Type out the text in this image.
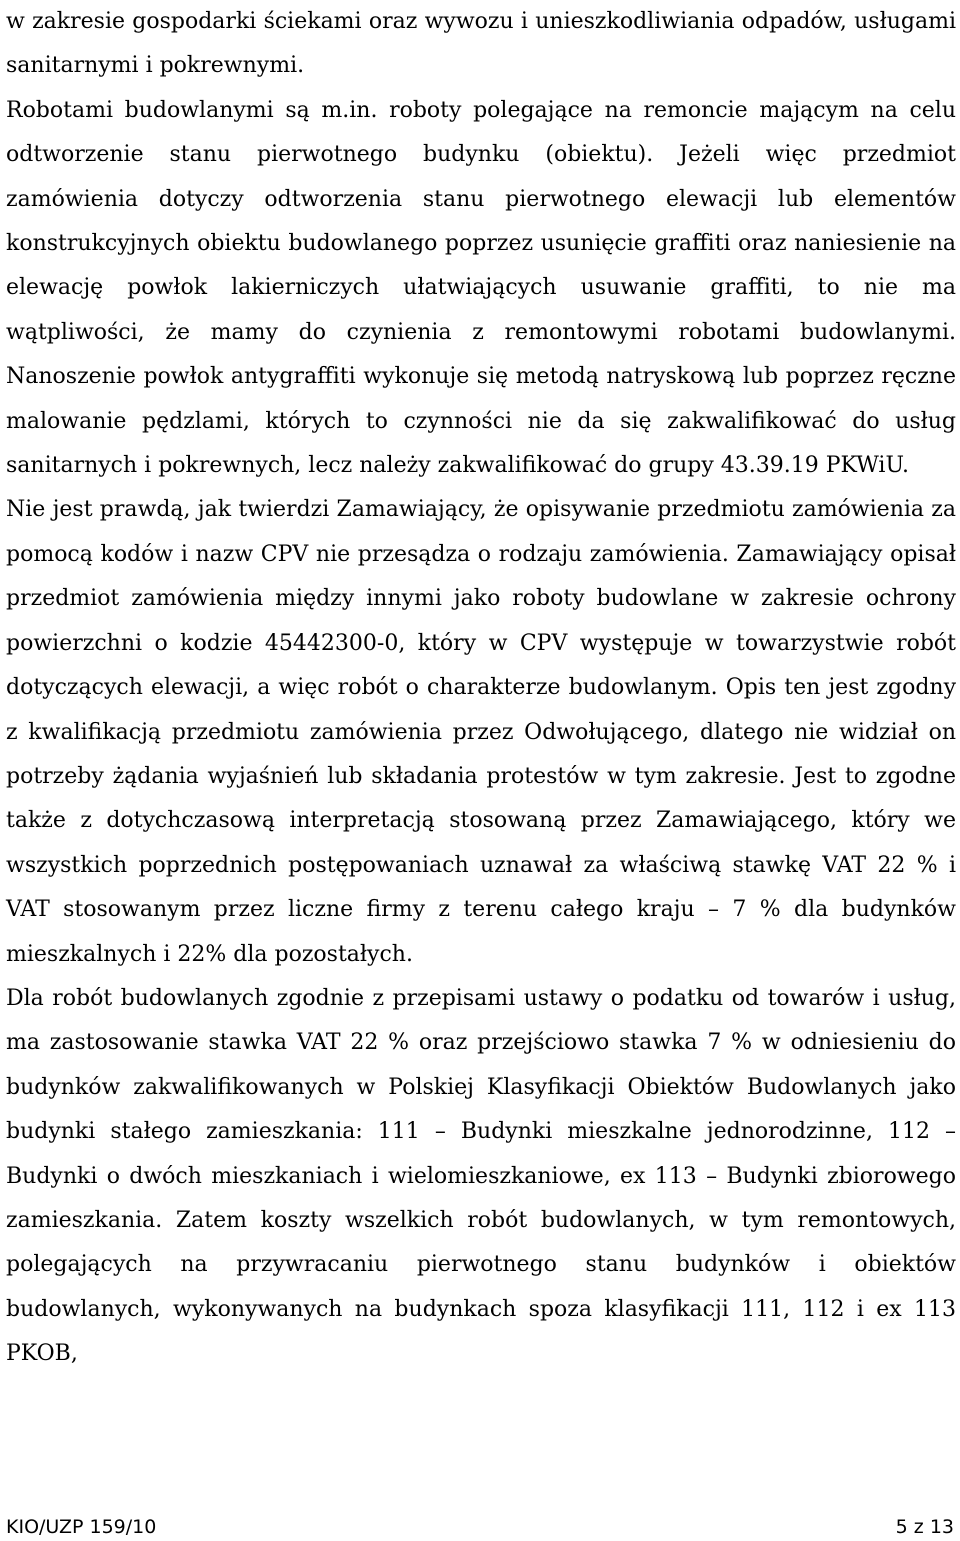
w zakresie gospodarki ściekami oraz wywozu i unieszkodliwiania odpadów, usługami sanitarnymi i pokrewnymi.

Robotami budowlanymi są m.in. roboty polegające na remoncie mającym na celu odtworzenie stanu pierwotnego budynku (obiektu). Jeżeli więc przedmiot zamówienia dotyczy odtworzenia stanu pierwotnego elewacji lub elementów konstrukcyjnych obiektu budowlanego poprzez usunięcie graffiti oraz naniesienie na elewację powłok lakierniczych ułatwiających usuwanie graffiti, to nie ma wątpliwości, że mamy do czynienia z remontowymi robotami budowlanymi. Nanoszenie powłok antygraffiti wykonuje się metodą natryskową lub poprzez ręczne malowanie pędzlami, których to czynności nie da się zakwalifikować do usług sanitarnych i pokrewnych, lecz należy zakwalifikować do grupy 43.39.19 PKWiU.

Nie jest prawdą, jak twierdzi Zamawiający, że opisywanie przedmiotu zamówienia za pomocą kodów i nazw CPV nie przesądza o rodzaju zamówienia. Zamawiający opisał przedmiot zamówienia między innymi jako roboty budowlane w zakresie ochrony powierzchni o kodzie 45442300-0, który w CPV występuje w towarzystwie robót dotyczących elewacji, a więc robót o charakterze budowlanym. Opis ten jest zgodny z kwalifikacją przedmiotu zamówienia przez Odwołującego, dlatego nie widział on potrzeby żądania wyjaśnień lub składania protestów w tym zakresie. Jest to zgodne także z dotychczasową interpretacją stosowaną przez Zamawiającego, który we wszystkich poprzednich postępowaniach uznawał za właściwą stawkę VAT 22 % i VAT stosowanym przez liczne firmy z terenu całego kraju – 7 % dla budynków mieszkalnych i 22% dla pozostałych.

Dla robót budowlanych zgodnie z przepisami ustawy o podatku od towarów i usług, ma zastosowanie stawka VAT 22 % oraz przejściowo stawka 7 % w odniesieniu do budynków zakwalifikowanych w Polskiej Klasyfikacji Obiektów Budowlanych jako budynki stałego zamieszkania: 111 – Budynki mieszkalne jednorodzinne, 112 – Budynki o dwóch mieszkaniach i wielomieszkaniowe, ex 113 – Budynki zbiorowego zamieszkania. Zatem koszty wszelkich robót budowlanych, w tym remontowych, polegających na przywracaniu pierwotnego stanu budynków i obiektów budowlanych, wykonywanych na budynkach spoza klasyfikacji 111, 112 i ex 113 PKOB,

KIO/UZP 159/10	5 z 13
